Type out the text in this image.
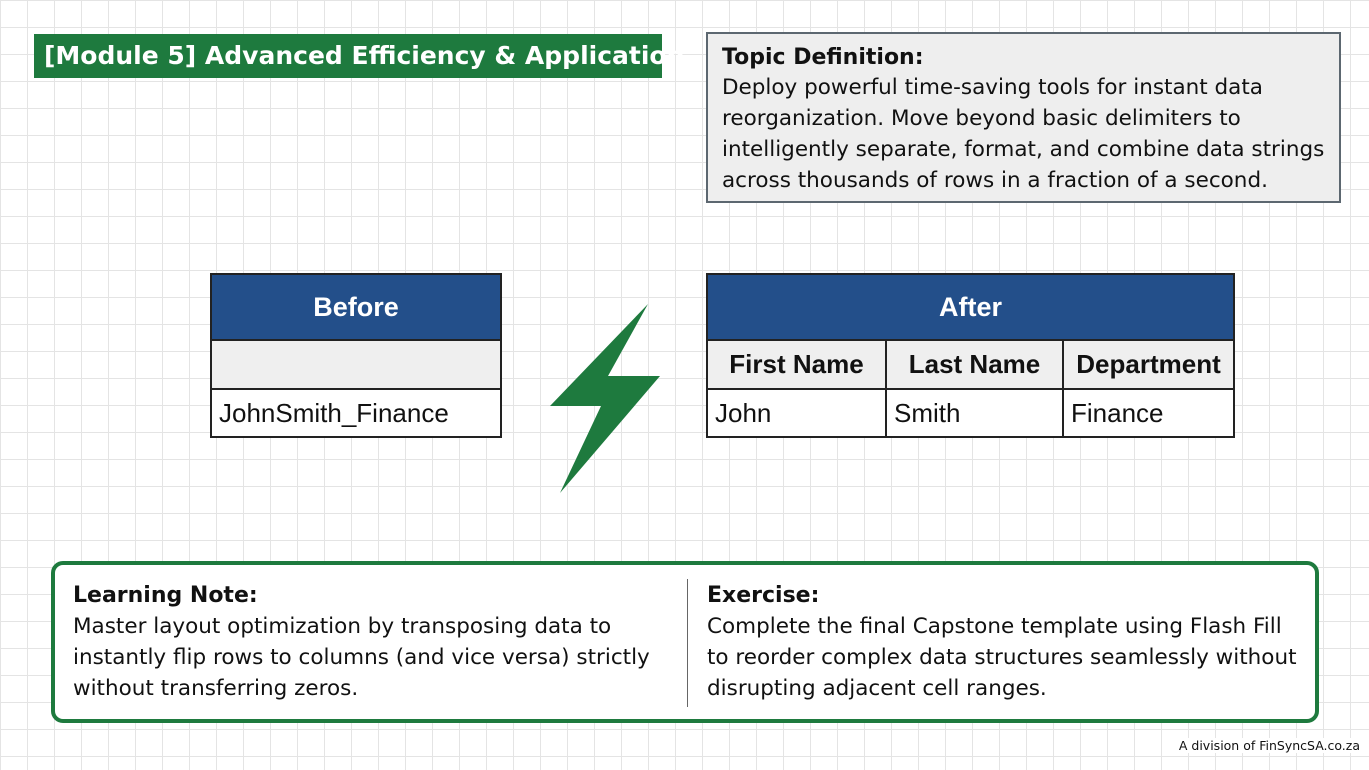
[Module 5] Advanced Efficiency & Application Topic Definition:
Deploy powerful time-saving tools for instant data reorganization. Move beyond basic delimiters to intelligently separate, format, and combine data strings across thousands of rows in a fraction of a second.
Before

JohnSmith_Finance
After		
First Name	Last Name	Department
John	Smith	Finance
Learning Note:
Master layout optimization by transposing data to instantly flip rows to columns (and vice versa) strictly without transferring zeros.
Exercise:
Complete the final Capstone template using Flash Fill to reorder complex data structures seamlessly without disrupting adjacent cell ranges.
A division of FinSyncSA.co.za
